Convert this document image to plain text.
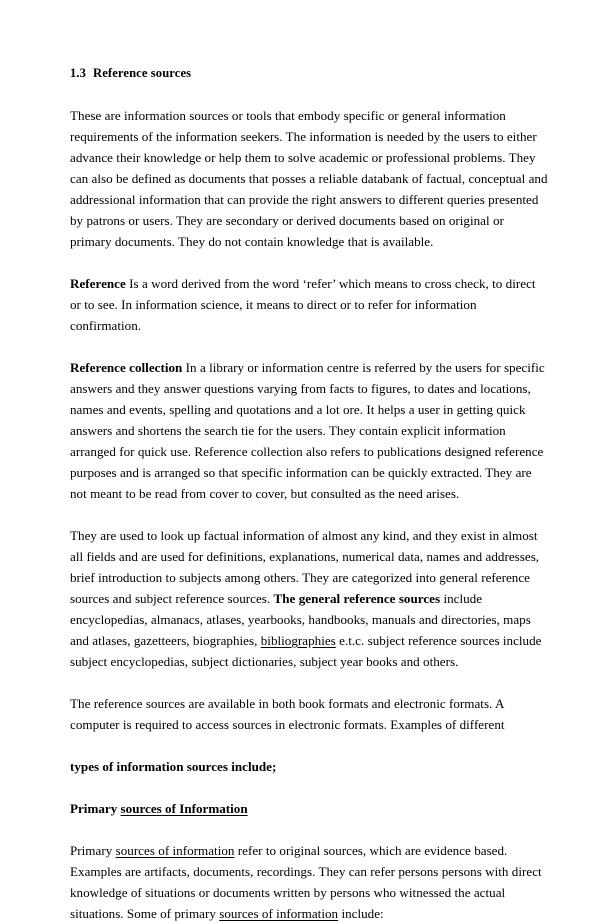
1.3 Reference sources

These are information sources or tools that embody specific or general information requirements of the information seekers. The information is needed by the users to either advance their knowledge or help them to solve academic or professional problems. They can also be defined as documents that posses a reliable databank of factual, conceptual and addressional information that can provide the right answers to different queries presented by patrons or users. They are secondary or derived documents based on original or primary documents. They do not contain knowledge that is available.

Reference Is a word derived from the word ‘refer’ which means to cross check, to direct or to see. In information science, it means to direct or to refer for information confirmation.

Reference collection In a library or information centre is referred by the users for specific answers and they answer questions varying from facts to figures, to dates and locations, names and events, spelling and quotations and a lot ore. It helps a user in getting quick answers and shortens the search tie for the users. They contain explicit information arranged for quick use. Reference collection also refers to publications designed reference purposes and is arranged so that specific information can be quickly extracted. They are not meant to be read from cover to cover, but consulted as the need arises.

They are used to look up factual information of almost any kind, and they exist in almost all fields and are used for definitions, explanations, numerical data, names and addresses, brief introduction to subjects among others. They are categorized into general reference sources and subject reference sources. The general reference sources include encyclopedias, almanacs, atlases, yearbooks, handbooks, manuals and directories, maps and atlases, gazetteers, biographies, bibliographies e.t.c. subject reference sources include subject encyclopedias, subject dictionaries, subject year books and others.

The reference sources are available in both book formats and electronic formats. A computer is required to access sources in electronic formats. Examples of different

types of information sources include;

Primary sources of Information

Primary sources of information refer to original sources, which are evidence based. Examples are artifacts, documents, recordings. They can refer persons persons with direct knowledge of situations or documents written by persons who witnessed the actual situations. Some of primary sources of information include:
